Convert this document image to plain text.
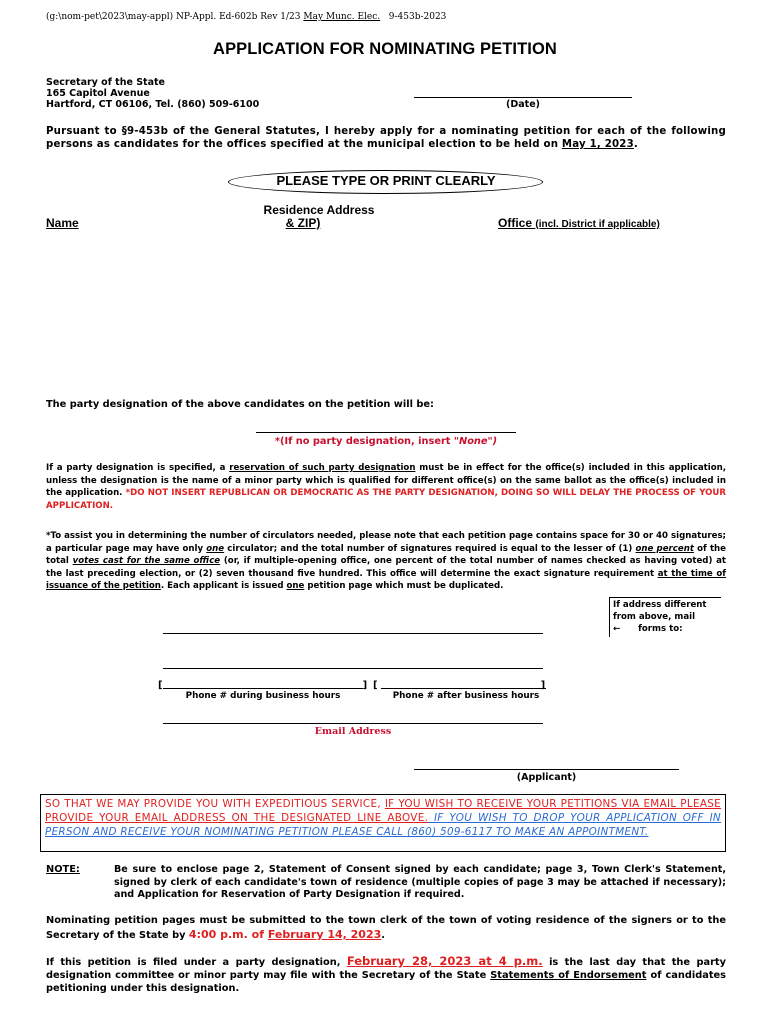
(g:\nom-pet\2023\may-appl) NP-Appl. Ed-602b Rev 1/23 May Munc. Elec. 9-453b-2023
APPLICATION FOR NOMINATING PETITION
Secretary of the State
165 Capitol Avenue
Hartford, CT 06106, Tel. (860) 509-6100	(Date)
Pursuant to §9-453b of the General Statutes, I hereby apply for a nominating petition for each of the following persons as candidates for the offices specified at the municipal election to be held on May 1, 2023.
PLEASE TYPE OR PRINT CLEARLY
Name
Residence Address
& ZIP)	Office (incl. District if applicable)
The party designation of the above candidates on the petition will be:
*(If no party designation, insert "None")
If a party designation is specified, a reservation of such party designation must be in effect for the office(s) included in this application, unless the designation is the name of a minor party which is qualified for different office(s) on the same ballot as the office(s) included in the application. *DO NOT INSERT REPUBLICAN OR DEMOCRATIC AS THE PARTY DESIGNATION, DOING SO WILL DELAY THE PROCESS OF YOUR APPLICATION.
*To assist you in determining the number of circulators needed, please note that each petition page contains space for 30 or 40 signatures; a particular page may have only one circulator; and the total number of signatures required is equal to the lesser of (1) one percent of the total votes cast for the same office (or, if multiple-opening office, one percent of the total number of names checked as having voted) at the last preceding election, or (2) seven thousand five hundred. This office will determine the exact signature requirement at the time of issuance of the petition. Each applicant is issued one petition page which must be duplicated.
If address different
from above, mail
← forms to:
[	] [	]
Phone # during business hours	Phone # after business hours
Email Address
(Applicant)
SO THAT WE MAY PROVIDE YOU WITH EXPEDITIOUS SERVICE, IF YOU WISH TO RECEIVE YOUR PETITIONS VIA EMAIL PLEASE PROVIDE YOUR EMAIL ADDRESS ON THE DESIGNATED LINE ABOVE. IF YOU WISH TO DROP YOUR APPLICATION OFF IN PERSON AND RECEIVE YOUR NOMINATING PETITION PLEASE CALL (860) 509-6117 TO MAKE AN APPOINTMENT.
NOTE:	Be sure to enclose page 2, Statement of Consent signed by each candidate; page 3, Town Clerk's Statement, signed by clerk of each candidate's town of residence (multiple copies of page 3 may be attached if necessary); and Application for Reservation of Party Designation if required.
Nominating petition pages must be submitted to the town clerk of the town of voting residence of the signers or to the Secretary of the State by 4:00 p.m. of February 14, 2023.
If this petition is filed under a party designation, February 28, 2023 at 4 p.m. is the last day that the party designation committee or minor party may file with the Secretary of the State Statements of Endorsement of candidates petitioning under this designation.
